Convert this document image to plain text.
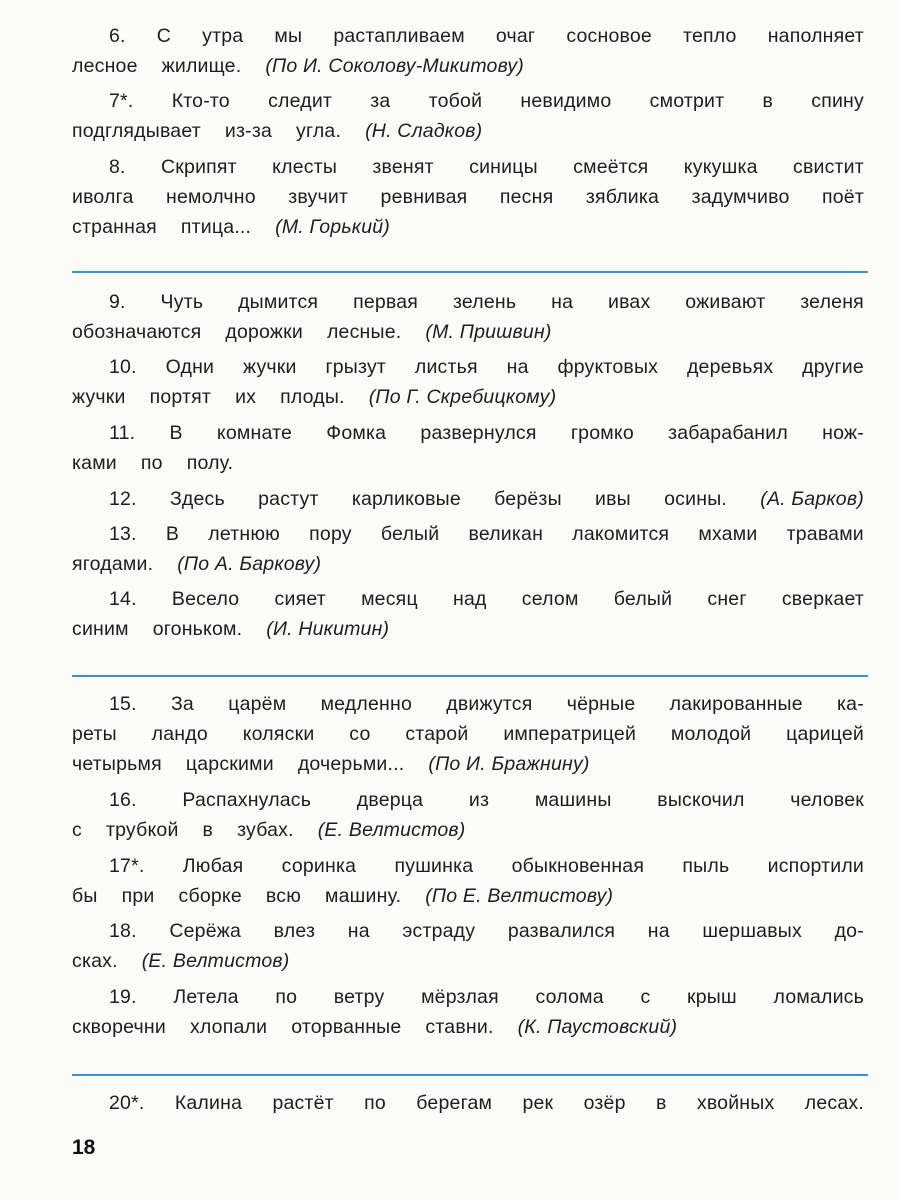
6. С утра мы растапливаем очаг сосновое тепло наполняет
лесное жилище. (По И. Соколову-Микитову)
7*. Кто-то следит за тобой невидимо смотрит в спину
подглядывает из-за угла. (Н. Сладков)
8. Скрипят клесты звенят синицы смеётся кукушка свистит
иволга немолчно звучит ревнивая песня зяблика задумчиво поёт
странная птица... (М. Горький)
9. Чуть дымится первая зелень на ивах оживают зеленя
обозначаются дорожки лесные. (М. Пришвин)
10. Одни жучки грызут листья на фруктовых деревьях другие
жучки портят их плоды. (По Г. Скребицкому)
11. В комнате Фомка развернулся громко забарабанил нож-
ками по полу.
12. Здесь растут карликовые берёзы ивы осины. (А. Барков)
13. В летнюю пору белый великан лакомится мхами травами
ягодами. (По А. Баркову)
14. Весело сияет месяц над селом белый снег сверкает
синим огоньком. (И. Никитин)
15. За царём медленно движутся чёрные лакированные ка-
реты ландо коляски со старой императрицей молодой царицей
четырьмя царскими дочерьми... (По И. Бражнину)
16. Распахнулась дверца из машины выскочил человек
с трубкой в зубах. (Е. Велтистов)
17*. Любая соринка пушинка обыкновенная пыль испортили
бы при сборке всю машину. (По Е. Велтистову)
18. Серёжа влез на эстраду развалился на шершавых до-
сках. (Е. Велтистов)
19. Летела по ветру мёрзлая солома с крыш ломались
скворечни хлопали оторванные ставни. (К. Паустовский)
20*. Калина растёт по берегам рек озёр в хвойных лесах.
18
